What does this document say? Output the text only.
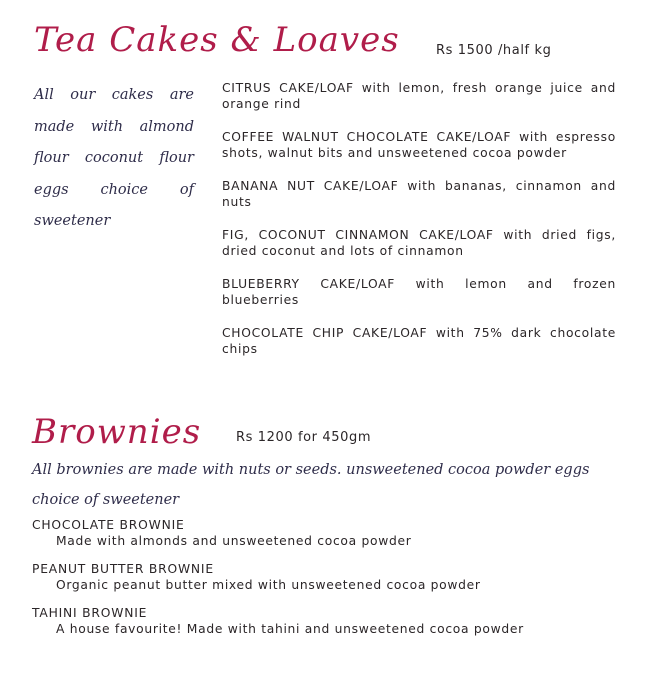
Tea Cakes & Loaves	Rs 1500 /half kg
All our cakes are made with almond flour coconut flour eggs choice of sweetener
CITRUS CAKE/LOAF with lemon, fresh orange juice and orange rind
COFFEE WALNUT CHOCOLATE CAKE/LOAF with espresso shots, walnut bits and unsweetened cocoa powder
BANANA NUT CAKE/LOAF with bananas, cinnamon and nuts
FIG, COCONUT CINNAMON CAKE/LOAF with dried figs, dried coconut and lots of cinnamon
BLUEBERRY CAKE/LOAF with lemon and frozen blueberries
CHOCOLATE CHIP CAKE/LOAF with 75% dark chocolate chips
Brownies	Rs 1200 for 450gm
All brownies are made with nuts or seeds. unsweetened cocoa powder eggs choice of sweetener
CHOCOLATE BROWNIE
Made with almonds and unsweetened cocoa powder
PEANUT BUTTER BROWNIE
Organic peanut butter mixed with unsweetened cocoa powder
TAHINI BROWNIE
A house favourite! Made with tahini and unsweetened cocoa powder
